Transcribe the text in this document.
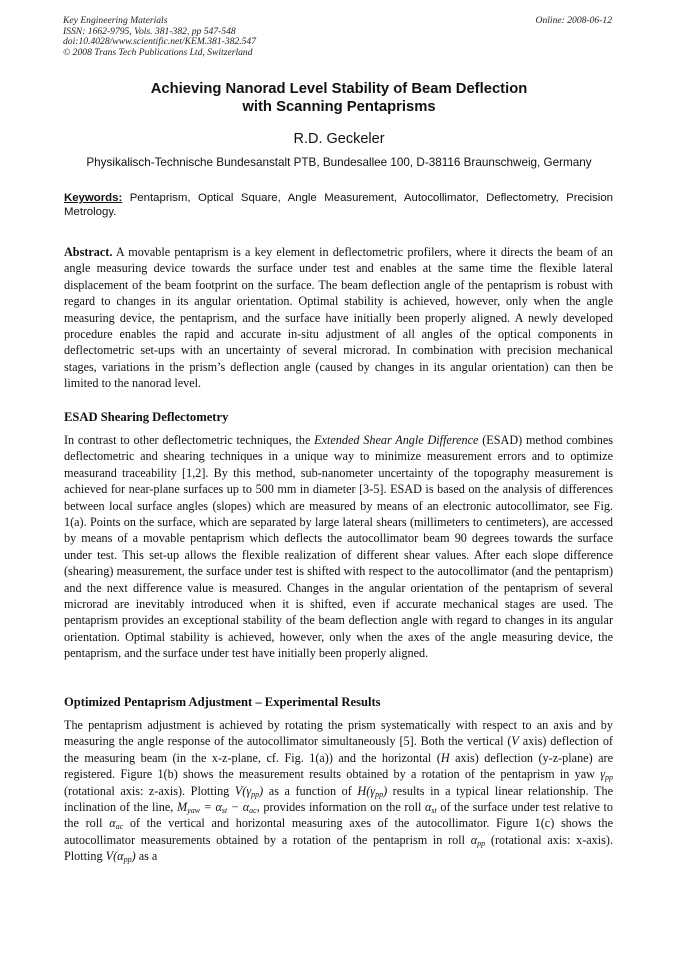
Key Engineering Materials
ISSN: 1662-9795, Vols. 381-382, pp 547-548
doi:10.4028/www.scientific.net/KEM.381-382.547
© 2008 Trans Tech Publications Ltd, Switzerland
Online: 2008-06-12
Achieving Nanorad Level Stability of Beam Deflection
with Scanning Pentaprisms
R.D. Geckeler
Physikalisch-Technische Bundesanstalt PTB, Bundesallee 100, D-38116 Braunschweig, Germany
Keywords: Pentaprism, Optical Square, Angle Measurement, Autocollimator, Deflectometry, Precision Metrology.

Abstract. A movable pentaprism is a key element in deflectometric profilers, where it directs the beam of an angle measuring device towards the surface under test and enables at the same time the flexible lateral displacement of the beam footprint on the surface. The beam deflection angle of the pentaprism is robust with regard to changes in its angular orientation. Optimal stability is achieved, however, only when the angle measuring device, the pentaprism, and the surface have initially been properly aligned. A newly developed procedure enables the rapid and accurate in-situ adjustment of all angles of the optical components in deflectometric set-ups with an uncertainty of several microrad. In combination with precision mechanical stages, variations in the prism’s deflection angle (caused by changes in its angular orientation) can then be limited to the nanorad level.

ESAD Shearing Deflectometry

In contrast to other deflectometric techniques, the Extended Shear Angle Difference (ESAD) method combines deflectometric and shearing techniques in a unique way to minimize measurement errors and to optimize measurand traceability [1,2]. By this method, sub-nanometer uncertainty of the topography measurement is achieved for near-plane surfaces up to 500 mm in diameter [3-5]. ESAD is based on the analysis of differences between local surface angles (slopes) which are measured by means of an electronic autocollimator, see Fig. 1(a). Points on the surface, which are separated by large lateral shears (millimeters to centimeters), are accessed by means of a movable pentaprism which deflects the autocollimator beam 90 degrees towards the surface under test. This set-up allows the flexible realization of different shear values. After each slope difference (shearing) measurement, the surface under test is shifted with respect to the autocollimator (and the pentaprism) and the next difference value is measured. Changes in the angular orientation of the pentaprism of several microrad are inevitably introduced when it is shifted, even if accurate mechanical stages are used. The pentaprism provides an exceptional stability of the beam deflection angle with regard to changes in its angular orientation. Optimal stability is achieved, however, only when the axes of the angle measuring device, the pentaprism, and the surface under test have initially been properly aligned.

Optimized Pentaprism Adjustment – Experimental Results

The pentaprism adjustment is achieved by rotating the prism systematically with respect to an axis and by measuring the angle response of the autocollimator simultaneously [5]. Both the vertical (V axis) deflection of the measuring beam (in the x-z-plane, cf. Fig. 1(a)) and the horizontal (H axis) deflection (y-z-plane) are registered. Figure 1(b) shows the measurement results obtained by a rotation of the pentaprism in yaw $\gamma_{pp}$ (rotational axis: z-axis). Plotting $V(\gamma_{pp})$ as a function of $H(\gamma_{pp})$ results in a typical linear relationship. The inclination of the line, $M_{yaw} = \alpha_{st} - \alpha_{ac}$, provides information on the roll $\alpha_{st}$ of the surface under test relative to the roll $\alpha_{ac}$ of the vertical and horizontal measuring axes of the autocollimator. Figure 1(c) shows the autocollimator measurements obtained by a rotation of the pentaprism in roll $\alpha_{pp}$ (rotational axis: x-axis). Plotting $V(\alpha_{pp})$ as a
